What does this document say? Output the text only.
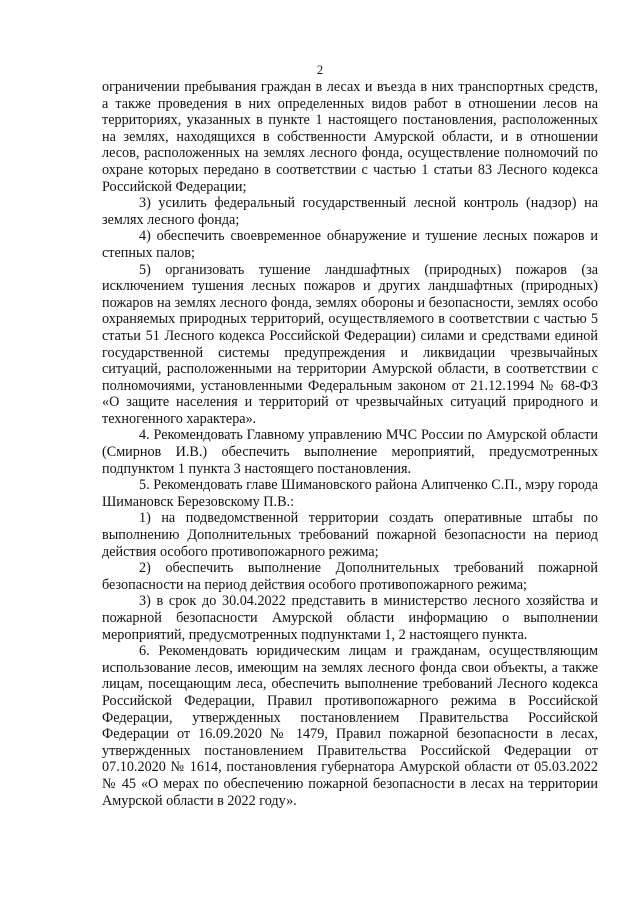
2

ограничении пребывания граждан в лесах и въезда в них транспортных средств, а также проведения в них определенных видов работ в отношении лесов на территориях, указанных в пункте 1 настоящего постановления, расположенных на землях, находящихся в собственности Амурской области, и в отношении лесов, расположенных на землях лесного фонда, осуществление полномочий по охране которых передано в соответствии с частью 1 статьи 83 Лесного кодекса Российской Федерации;

3) усилить федеральный государственный лесной контроль (надзор) на землях лесного фонда;

4) обеспечить своевременное обнаружение и тушение лесных пожаров и степных палов;

5) организовать тушение ландшафтных (природных) пожаров (за исключением тушения лесных пожаров и других ландшафтных (природных) пожаров на землях лесного фонда, землях обороны и безопасности, землях особо охраняемых природных территорий, осуществляемого в соответствии с частью 5 статьи 51 Лесного кодекса Российской Федерации) силами и средствами единой государственной системы предупреждения и ликвидации чрезвычайных ситуаций, расположенными на территории Амурской области, в соответствии с полномочиями, установленными Федеральным законом от 21.12.1994 № 68-ФЗ «О защите населения и территорий от чрезвычайных ситуаций природного и техногенного характера».

4. Рекомендовать Главному управлению МЧС России по Амурской области (Смирнов И.В.) обеспечить выполнение мероприятий, предусмотренных подпунктом 1 пункта 3 настоящего постановления.

5. Рекомендовать главе Шимановского района Алипченко С.П., мэру города Шимановск Березовскому П.В.:

1) на подведомственной территории создать оперативные штабы по выполнению Дополнительных требований пожарной безопасности на период действия особого противопожарного режима;

2) обеспечить выполнение Дополнительных требований пожарной безопасности на период действия особого противопожарного режима;

3) в срок до 30.04.2022 представить в министерство лесного хозяйства и пожарной безопасности Амурской области информацию о выполнении мероприятий, предусмотренных подпунктами 1, 2 настоящего пункта.

6. Рекомендовать юридическим лицам и гражданам, осуществляющим использование лесов, имеющим на землях лесного фонда свои объекты, а также лицам, посещающим леса, обеспечить выполнение требований Лесного кодекса Российской Федерации, Правил противопожарного режима в Российской Федерации, утвержденных постановлением Правительства Российской Федерации от 16.09.2020 № 1479, Правил пожарной безопасности в лесах, утвержденных постановлением Правительства Российской Федерации от 07.10.2020 № 1614, постановления губернатора Амурской области от 05.03.2022 № 45 «О мерах по обеспечению пожарной безопасности в лесах на территории Амурской области в 2022 году».
